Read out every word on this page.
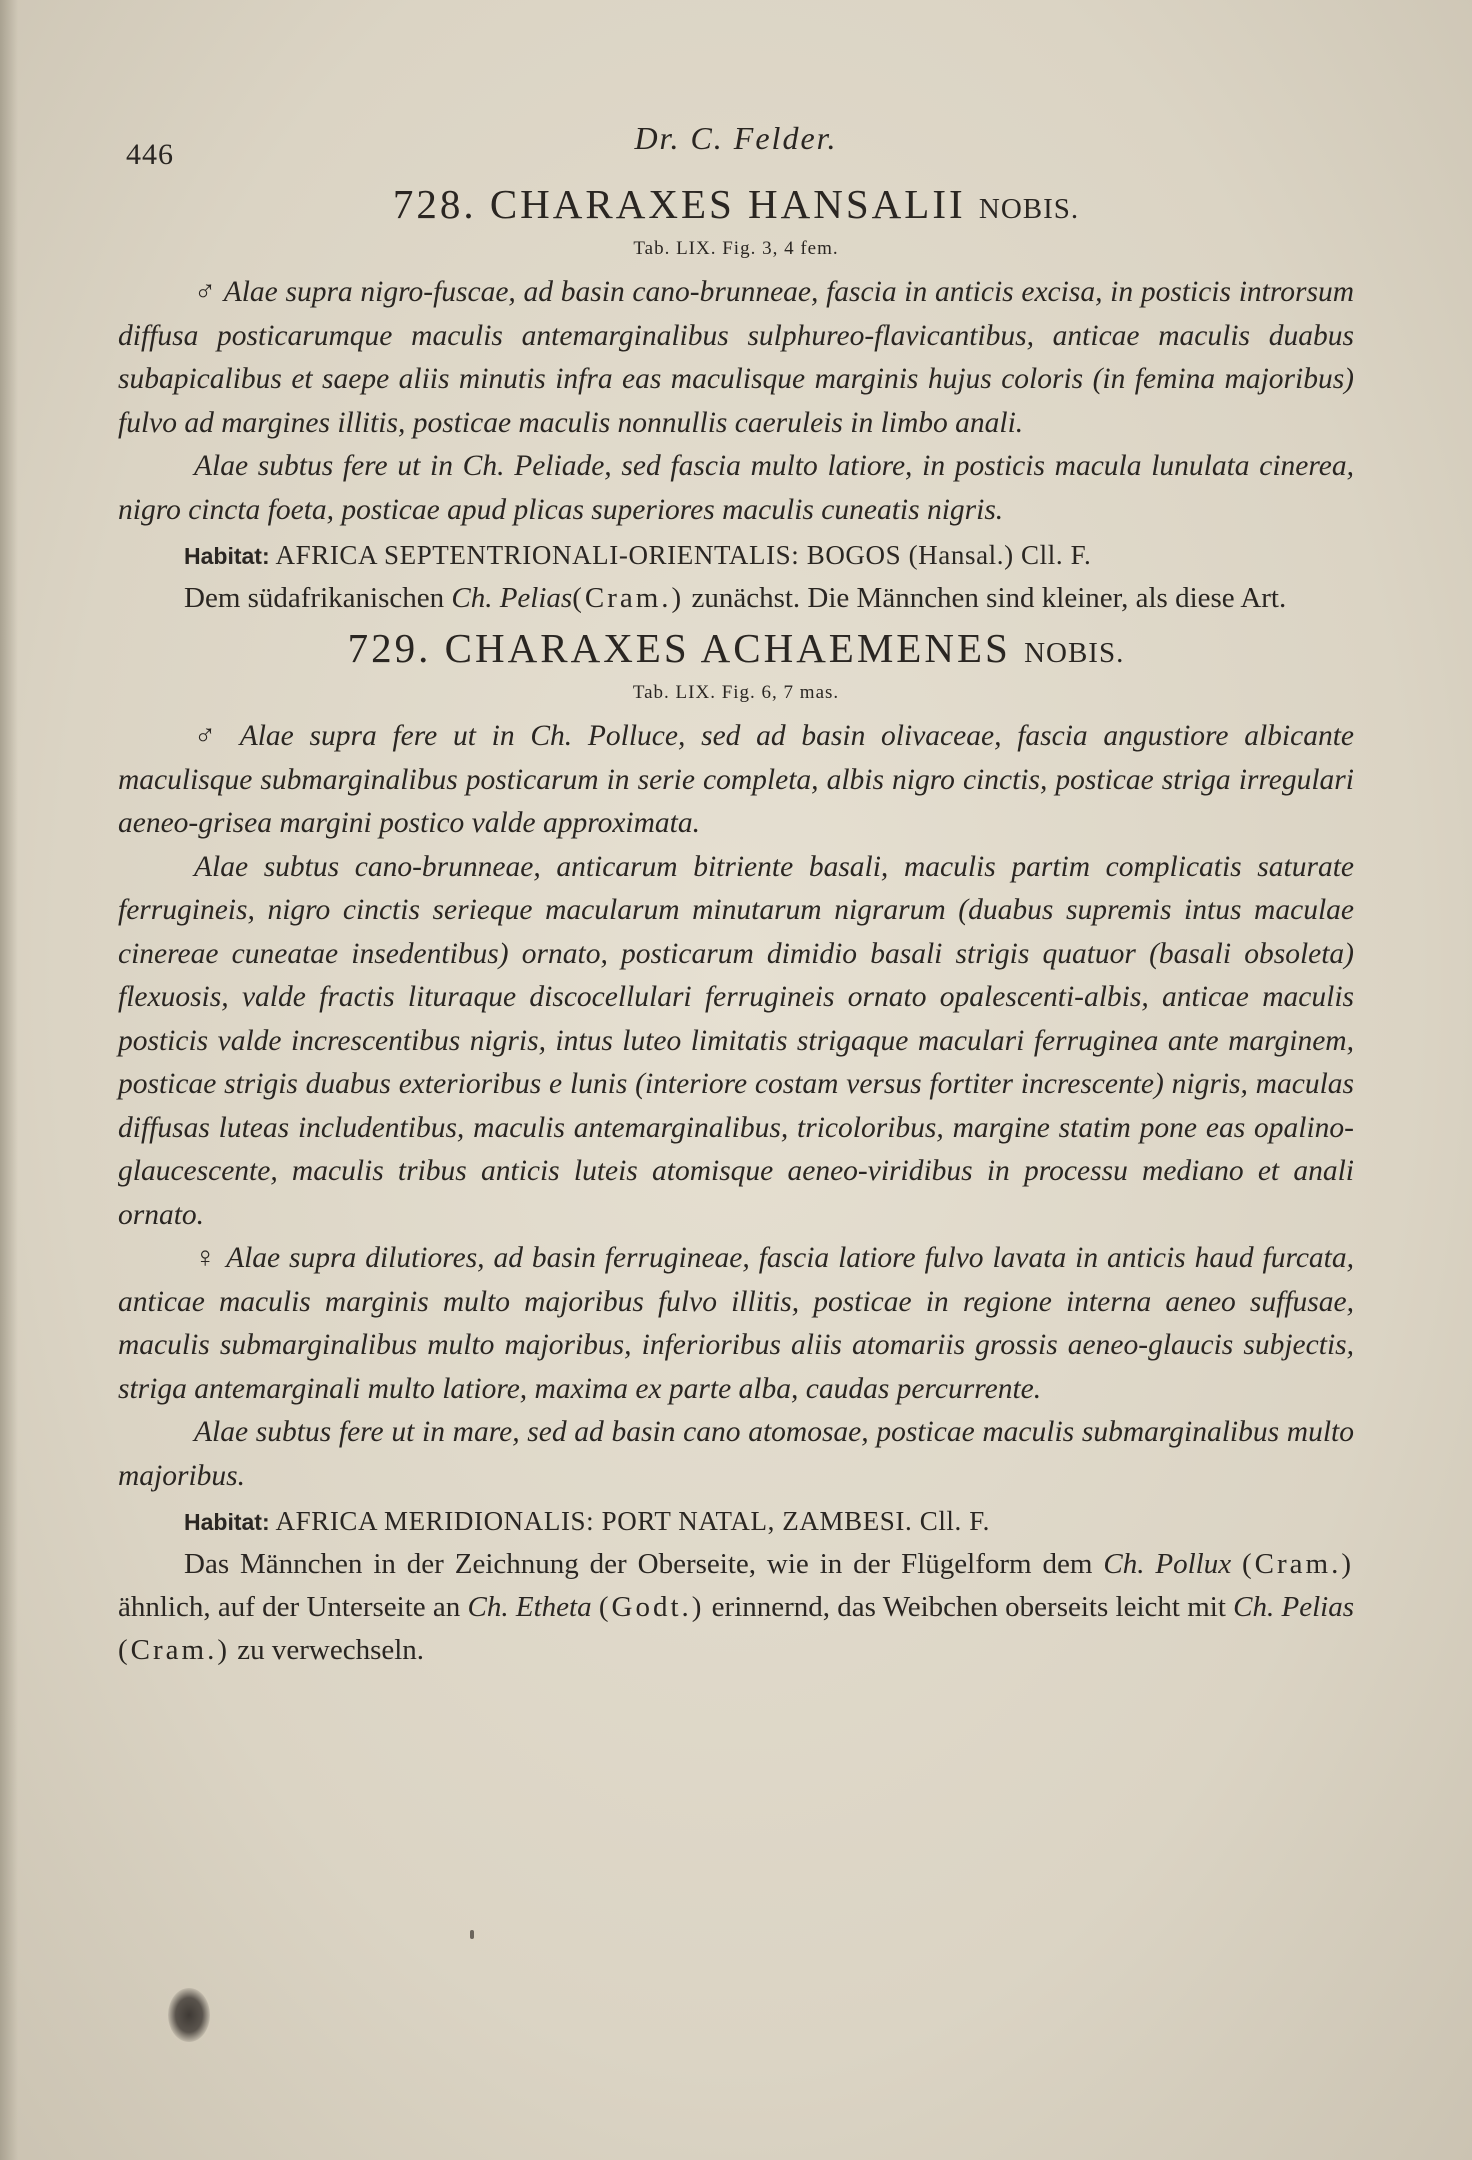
446	Dr. C. Felder.
728. CHARAXES HANSALII NOBIS.
Tab. LIX. Fig. 3, 4 fem.

♂ Alae supra nigro-fuscae, ad basin cano-brunneae, fascia in anticis excisa, in posticis introrsum diffusa posticarumque maculis antemarginalibus sulphureo-flavicantibus, anticae maculis duabus subapicalibus et saepe aliis minutis infra eas maculisque marginis hujus coloris (in femina majoribus) fulvo ad margines illitis, posticae maculis nonnullis caeruleis in limbo anali.

Alae subtus fere ut in Ch. Peliade, sed fascia multo latiore, in posticis macula lunulata cinerea, nigro cincta foeta, posticae apud plicas superiores maculis cuneatis nigris.

Habitat: AFRICA SEPTENTRIONALI-ORIENTALIS: BOGOS (Hansal.) Cll. F.

Dem südafrikanischen Ch. Pelias(Cram.) zunächst. Die Männchen sind kleiner, als diese Art.

729. CHARAXES ACHAEMENES NOBIS.
Tab. LIX. Fig. 6, 7 mas.

♂ Alae supra fere ut in Ch. Polluce, sed ad basin olivaceae, fascia angustiore albicante maculisque submarginalibus posticarum in serie completa, albis nigro cinctis, posticae striga irregulari aeneo-grisea margini postico valde approximata.

Alae subtus cano-brunneae, anticarum bitriente basali, maculis partim complicatis saturate ferrugineis, nigro cinctis serieque macularum minutarum nigrarum (duabus supremis intus maculae cinereae cuneatae insedentibus) ornato, posticarum dimidio basali strigis quatuor (basali obsoleta) flexuosis, valde fractis lituraque discocellulari ferrugineis ornato opalescenti-albis, anticae maculis posticis valde increscentibus nigris, intus luteo limitatis strigaque maculari ferruginea ante marginem, posticae strigis duabus exterioribus e lunis (interiore costam versus fortiter increscente) nigris, maculas diffusas luteas includentibus, maculis antemarginalibus, tricoloribus, margine statim pone eas opalino-glaucescente, maculis tribus anticis luteis atomisque aeneo-viridibus in processu mediano et anali ornato.

♀ Alae supra dilutiores, ad basin ferrugineae, fascia latiore fulvo lavata in anticis haud furcata, anticae maculis marginis multo majoribus fulvo illitis, posticae in regione interna aeneo suffusae, maculis submarginalibus multo majoribus, inferioribus aliis atomariis grossis aeneo-glaucis subjectis, striga antemarginali multo latiore, maxima ex parte alba, caudas percurrente.

Alae subtus fere ut in mare, sed ad basin cano atomosae, posticae maculis submarginalibus multo majoribus.

Habitat: AFRICA MERIDIONALIS: PORT NATAL, ZAMBESI. Cll. F.

Das Männchen in der Zeichnung der Oberseite, wie in der Flügelform dem Ch. Pollux (Cram.) ähnlich, auf der Unterseite an Ch. Etheta (Godt.) erinnernd, das Weibchen oberseits leicht mit Ch. Pelias (Cram.) zu verwechseln.
